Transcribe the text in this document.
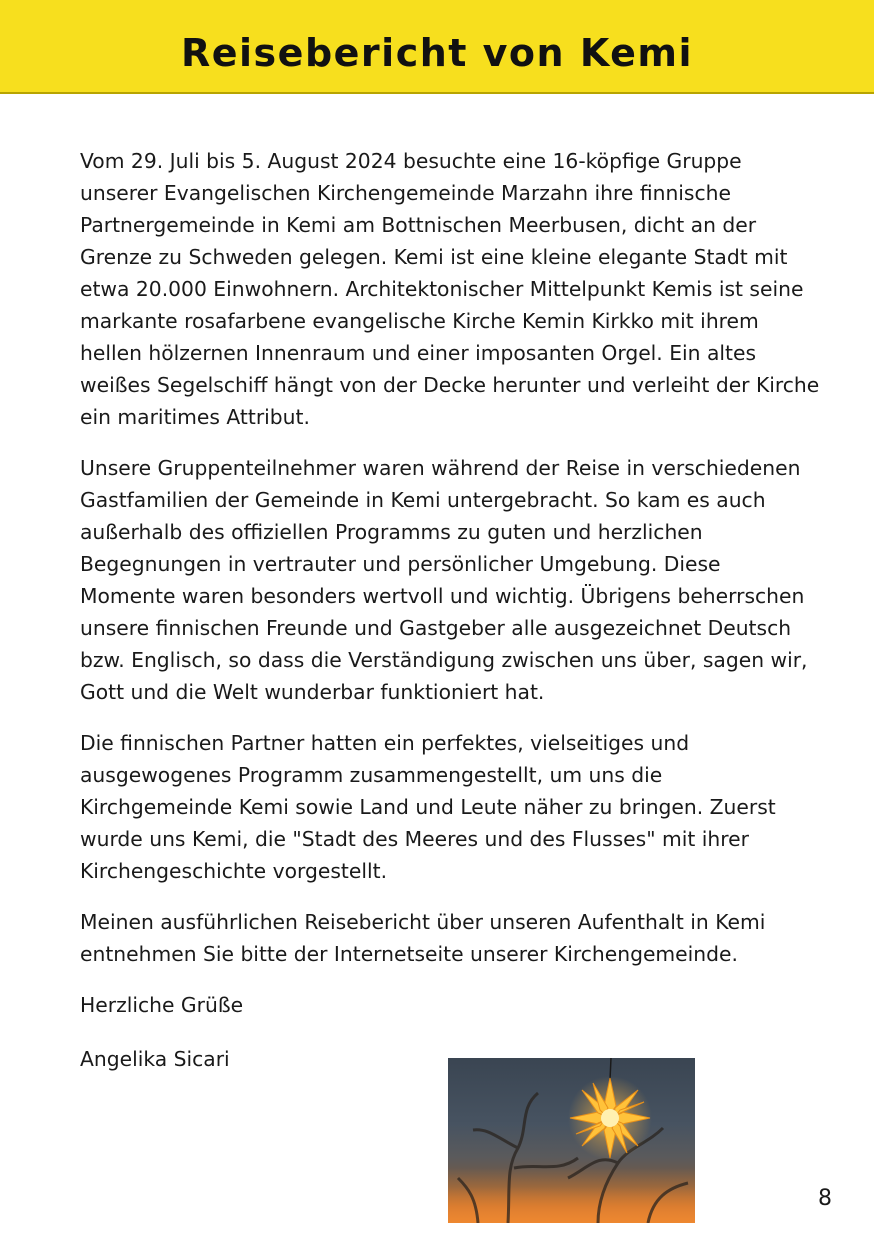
Reisebericht von Kemi

Vom 29. Juli bis 5. August 2024 besuchte eine 16-köpfige Gruppe unserer Evangelischen Kirchengemeinde Marzahn ihre finnische Partnergemeinde in Kemi am Bottnischen Meerbusen, dicht an der Grenze zu Schweden gelegen. Kemi ist eine kleine elegante Stadt mit etwa 20.000 Einwohnern. Architektonischer Mittelpunkt Kemis ist seine markante rosafarbene evangelische Kirche Kemin Kirkko mit ihrem hellen hölzernen Innenraum und einer imposanten Orgel. Ein altes weißes Segelschiff hängt von der Decke herunter und verleiht der Kirche ein maritimes Attribut.

Unsere Gruppenteilnehmer waren während der Reise in verschiedenen Gastfamilien der Gemeinde in Kemi untergebracht. So kam es auch außerhalb des offiziellen Programms zu guten und herzlichen Begegnungen in vertrauter und persönlicher Umgebung. Diese Momente waren besonders wertvoll und wichtig. Übrigens beherrschen unsere finnischen Freunde und Gastgeber alle ausgezeichnet Deutsch bzw. Englisch, so dass die Verständigung zwischen uns über, sagen wir, Gott und die Welt wunderbar funktioniert hat.

Die finnischen Partner hatten ein perfektes, vielseitiges und ausgewogenes Programm zusammengestellt, um uns die Kirchgemeinde Kemi sowie Land und Leute näher zu bringen. Zuerst wurde uns Kemi, die "Stadt des Meeres und des Flusses" mit ihrer Kirchengeschichte vorgestellt.

Meinen ausführlichen Reisebericht über unseren Aufenthalt in Kemi entnehmen Sie bitte der Internetseite unserer Kirchengemeinde.

Herzliche Grüße

Angelika Sicari

8
